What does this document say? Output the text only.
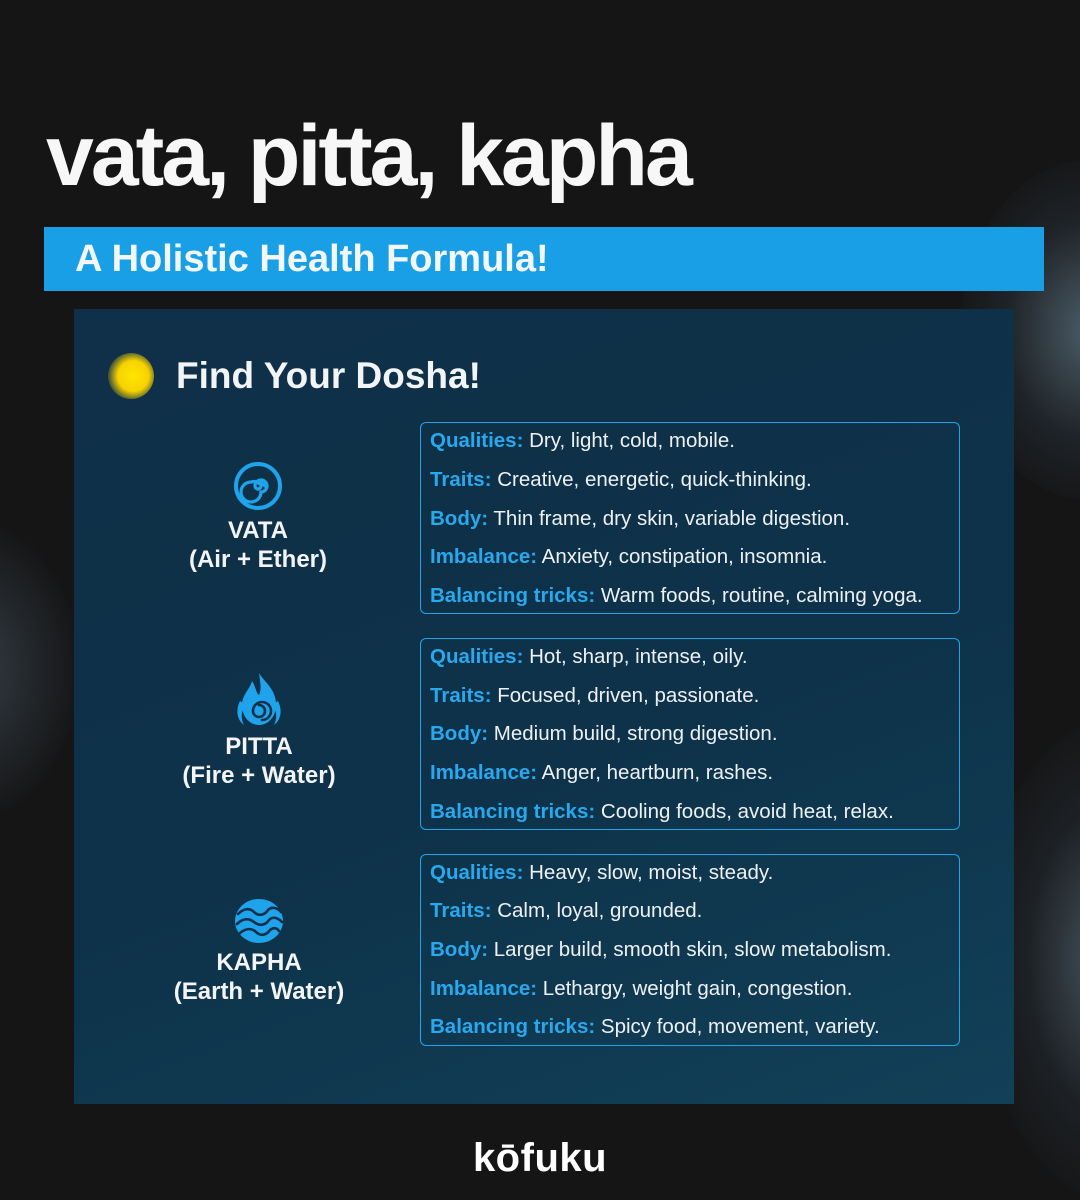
vata, pitta, kapha
A Holistic Health Formula!
Find Your Dosha!
VATA
(Air + Ether)
Qualities: Dry, light, cold, mobile.
Traits: Creative, energetic, quick-thinking.
Body: Thin frame, dry skin, variable digestion.
Imbalance: Anxiety, constipation, insomnia.
Balancing tricks: Warm foods, routine, calming yoga.
PITTA
(Fire + Water)
Qualities: Hot, sharp, intense, oily.
Traits: Focused, driven, passionate.
Body: Medium build, strong digestion.
Imbalance: Anger, heartburn, rashes.
Balancing tricks: Cooling foods, avoid heat, relax.
KAPHA
(Earth + Water)
Qualities: Heavy, slow, moist, steady.
Traits: Calm, loyal, grounded.
Body: Larger build, smooth skin, slow metabolism.
Imbalance: Lethargy, weight gain, congestion.
Balancing tricks: Spicy food, movement, variety.
kōfuku
